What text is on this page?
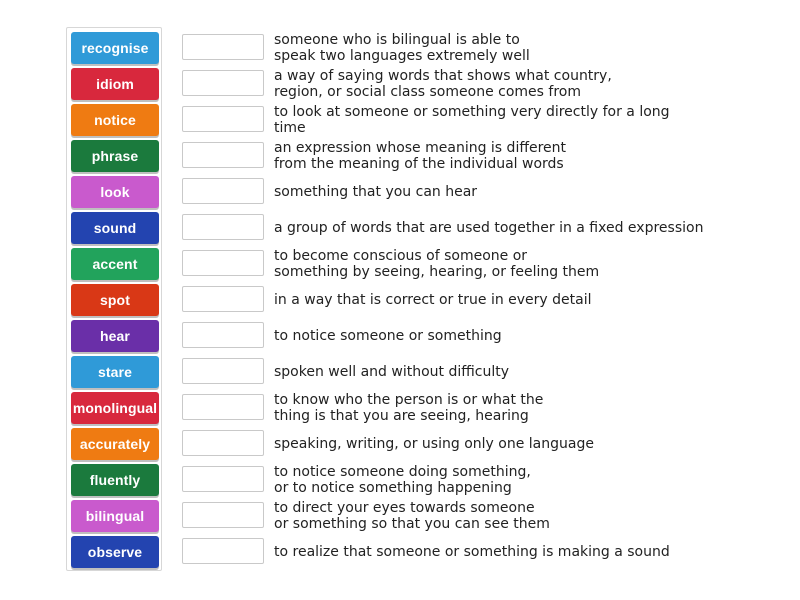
recognise
idiom
notice
phrase
look
sound
accent
spot
hear
stare
monolingual
accurately
fluently
bilingual
observe
someone who is bilingual is able to
speak two languages extremely well
a way of saying words that shows what country,
region, or social class someone comes from
to look at someone or something very directly for a long time
an expression whose meaning is different
from the meaning of the individual words
something that you can hear
a group of words that are used together in a fixed expression
to become conscious of someone or
something by seeing, hearing, or feeling them
in a way that is correct or true in every detail
to notice someone or something
spoken well and without difficulty
to know who the person is or what the
thing is that you are seeing, hearing
speaking, writing, or using only one language
to notice someone doing something,
or to notice something happening
to direct your eyes towards someone
or something so that you can see them
to realize that someone or something is making a sound
